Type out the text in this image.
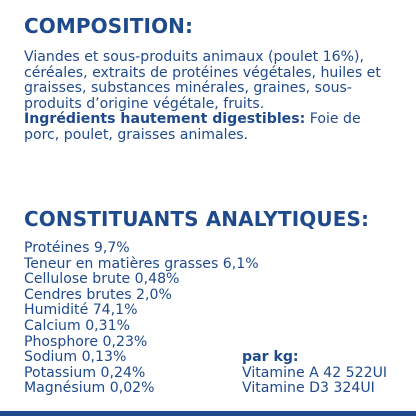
COMPOSITION:
Viandes et sous-produits animaux (poulet 16%), céréales, extraits de protéines végétales, huiles et graisses, substances minérales, graines, sous-produits d’origine végétale, fruits.
Ingrédients hautement digestibles: Foie de porc, poulet, graisses animales.
CONSTITUANTS ANALYTIQUES:
Protéines 9,7%
Teneur en matières grasses 6,1%
Cellulose brute 0,48%
Cendres brutes 2,0%
Humidité 74,1%
Calcium 0,31%
Phosphore 0,23%
Sodium 0,13%
Potassium 0,24%
Magnésium 0,02%
par kg:
Vitamine A 42 522UI
Vitamine D3 324UI
